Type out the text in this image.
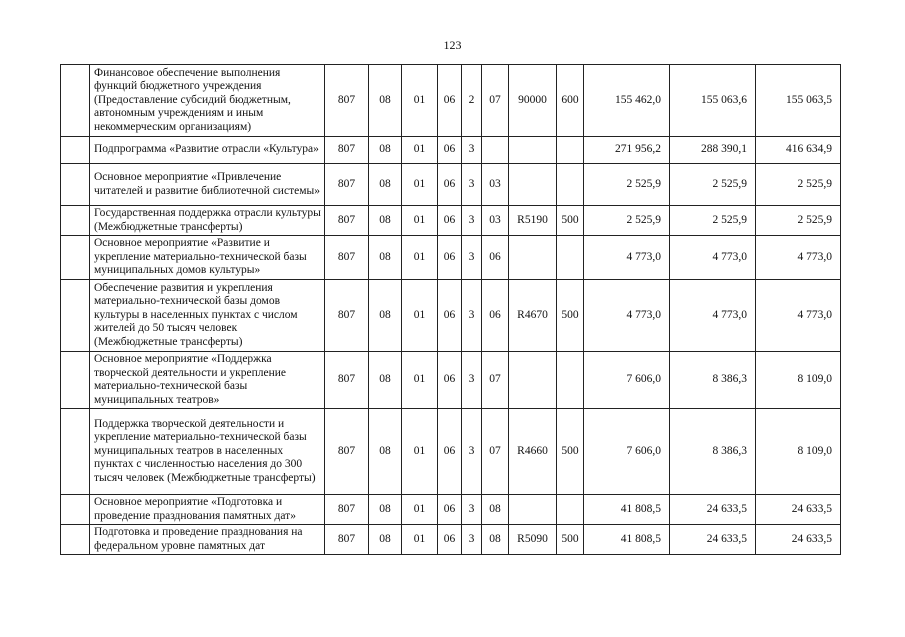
123
	Финансовое обеспечение выполнения функций бюджетного учреждения (Предоставление субсидий бюджетным, автономным учреждениям и иным некоммерческим организациям)	807	08	01	06	2	07	90000	600	155 462,0	155 063,6	155 063,5
	Подпрограмма «Развитие отрасли «Культура»	807	08	01	06	3				271 956,2	288 390,1	416 634,9
	Основное мероприятие «Привлечение читателей и развитие библиотечной системы»	807	08	01	06	3	03			2 525,9	2 525,9	2 525,9
	Государственная поддержка отрасли культуры (Межбюджетные трансферты)	807	08	01	06	3	03	R5190	500	2 525,9	2 525,9	2 525,9
	Основное мероприятие «Развитие и укрепление материально-технической базы муниципальных домов культуры»	807	08	01	06	3	06			4 773,0	4 773,0	4 773,0
	Обеспечение развития и укрепления материально-технической базы домов культуры в населенных пунктах с числом жителей до 50 тысяч человек (Межбюджетные трансферты)	807	08	01	06	3	06	R4670	500	4 773,0	4 773,0	4 773,0
	Основное мероприятие «Поддержка творческой деятельности и укрепление материально-технической базы муниципальных театров»	807	08	01	06	3	07			7 606,0	8 386,3	8 109,0
	Поддержка творческой деятельности и укрепление материально-технической базы муниципальных театров в населенных пунктах с численностью населения до 300 тысяч человек (Межбюджетные трансферты)	807	08	01	06	3	07	R4660	500	7 606,0	8 386,3	8 109,0
	Основное мероприятие «Подготовка и проведение празднования памятных дат»	807	08	01	06	3	08			41 808,5	24 633,5	24 633,5
	Подготовка и проведение празднования на федеральном уровне памятных дат	807	08	01	06	3	08	R5090	500	41 808,5	24 633,5	24 633,5
